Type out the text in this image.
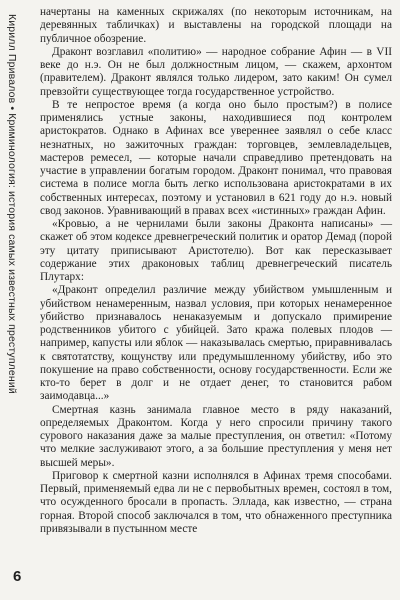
Кирилл Привалов • Криминология: история самых известных преступлений

начертаны на каменных скрижалях (по некоторым источникам, на деревянных табличках) и выставлены на городской площади на публичное обозрение.

Драконт возглавил «политию» — народное собрание Афин — в VII веке до н.э. Он не был должностным лицом, — скажем, архонтом (правителем). Драконт являлся только лидером, зато каким! Он сумел превзойти существующее тогда государственное устройство.

В те непростое время (а когда оно было простым?) в полисе применялись устные законы, находившиеся под контролем аристократов. Однако в Афинах все увереннее заявлял о себе класс незнатных, но зажиточных граждан: торговцев, землевладельцев, мастеров ремесел, — которые начали справедливо претендовать на участие в управлении богатым городом. Драконт понимал, что правовая система в полисе могла быть легко использована аристократами в их собственных интересах, поэтому и установил в 621 году до н.э. новый свод законов. Уравнивающий в правах всех «истинных» граждан Афин.

«Кровью, а не чернилами были законы Драконта написаны» — скажет об этом кодексе древнегреческий политик и оратор Демад (порой эту цитату приписывают Аристотелю). Вот как пересказывает содержание этих драконовых таблиц древнегреческий писатель Плутарх:

«Драконт определил различие между убийством умышленным и убийством ненамеренным, назвал условия, при которых ненамеренное убийство признавалось ненаказуемым и допускало примирение родственников убитого с убийцей. Зато кража полевых плодов — например, капусты или яблок — наказывалась смертью, приравнивалась к святотатству, кощунству или предумышленному убийству, ибо это покушение на право собственности, основу государственности. Если же кто-то берет в долг и не отдает денег, то становится рабом заимодавца...»

Смертная казнь занимала главное место в ряду наказаний, определяемых Драконтом. Когда у него спросили причину такого сурового наказания даже за малые преступления, он ответил: «Потому что мелкие заслуживают этого, а за большие преступления у меня нет высшей меры».

Приговор к смертной казни исполнялся в Афинах тремя способами. Первый, применяемый едва ли не с первобытных времен, состоял в том, что осужденного бросали в пропасть. Эллада, как известно, — страна горная. Второй способ заключался в том, что обнаженного преступника привязывали в пустынном месте

6
